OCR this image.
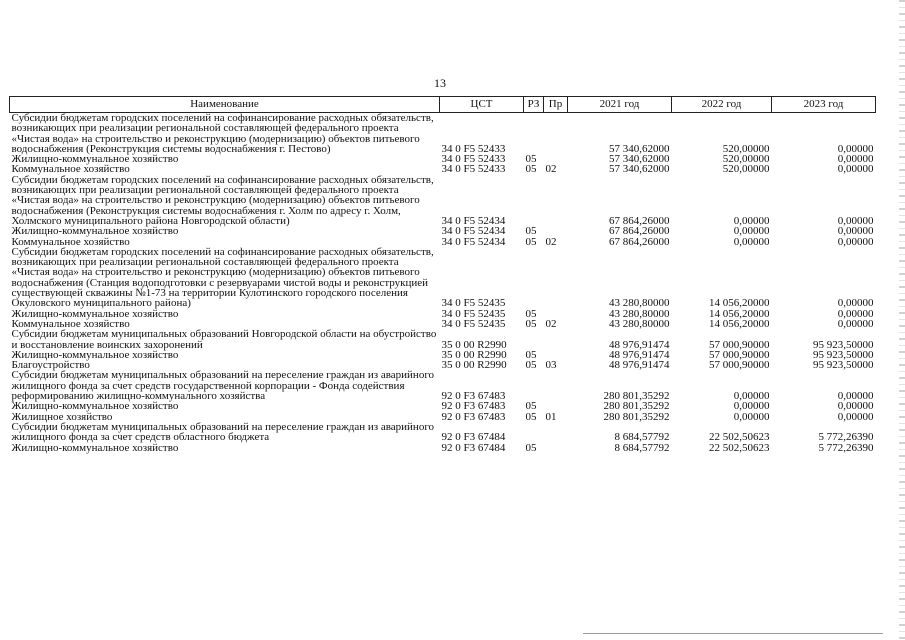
13
Наименование	ЦСТ	РЗ	Пр	2021 год	2022 год	2023 год
Субсидии бюджетам городских поселений на софинансирование расходных обязательств, возникающих при реализации региональной составляющей федерального проекта «Чистая вода» на строительство и реконструкцию (модернизацию) объектов питьевого водоснабжения (Реконструкция системы водоснабжения г. Пестово)	34 0 F5 52433			57 340,62000	520,00000	0,00000
Жилищно-коммунальное хозяйство	34 0 F5 52433	05		57 340,62000	520,00000	0,00000
Коммунальное хозяйство	34 0 F5 52433	05	02	57 340,62000	520,00000	0,00000
Субсидии бюджетам городских поселений на софинансирование расходных обязательств, возникающих при реализации региональной составляющей федерального проекта «Чистая вода» на строительство и реконструкцию (модернизацию) объектов питьевого водоснабжения (Реконструкция системы водоснабжения г. Холм по адресу г. Холм, Холмского муниципального района Новгородской области)	34 0 F5 52434			67 864,26000	0,00000	0,00000
Жилищно-коммунальное хозяйство	34 0 F5 52434	05		67 864,26000	0,00000	0,00000
Коммунальное хозяйство	34 0 F5 52434	05	02	67 864,26000	0,00000	0,00000
Субсидии бюджетам городских поселений на софинансирование расходных обязательств, возникающих при реализации региональной составляющей федерального проекта «Чистая вода» на строительство и реконструкцию (модернизацию) объектов питьевого водоснабжения (Станция водоподготовки с резервуарами чистой воды и реконструкцией существующей скважины №1-73 на территории Кулотинского городского поселения Окуловского муниципального района)	34 0 F5 52435			43 280,80000	14 056,20000	0,00000
Жилищно-коммунальное хозяйство	34 0 F5 52435	05		43 280,80000	14 056,20000	0,00000
Коммунальное хозяйство	34 0 F5 52435	05	02	43 280,80000	14 056,20000	0,00000
Субсидии бюджетам муниципальных образований Новгородской области на обустройство и восстановление воинских захоронений	35 0 00 R2990			48 976,91474	57 000,90000	95 923,50000
Жилищно-коммунальное хозяйство	35 0 00 R2990	05		48 976,91474	57 000,90000	95 923,50000
Благоустройство	35 0 00 R2990	05	03	48 976,91474	57 000,90000	95 923,50000
Субсидии бюджетам муниципальных образований на переселение граждан из аварийного жилищного фонда за счет средств государственной корпорации - Фонда содействия реформированию жилищно-коммунального хозяйства	92 0 F3 67483			280 801,35292	0,00000	0,00000
Жилищно-коммунальное хозяйство	92 0 F3 67483	05		280 801,35292	0,00000	0,00000
Жилищное хозяйство	92 0 F3 67483	05	01	280 801,35292	0,00000	0,00000
Субсидии бюджетам муниципальных образований на переселение граждан из аварийного жилищного фонда за счет средств областного бюджета	92 0 F3 67484			8 684,57792	22 502,50623	5 772,26390
Жилищно-коммунальное хозяйство	92 0 F3 67484	05		8 684,57792	22 502,50623	5 772,26390
